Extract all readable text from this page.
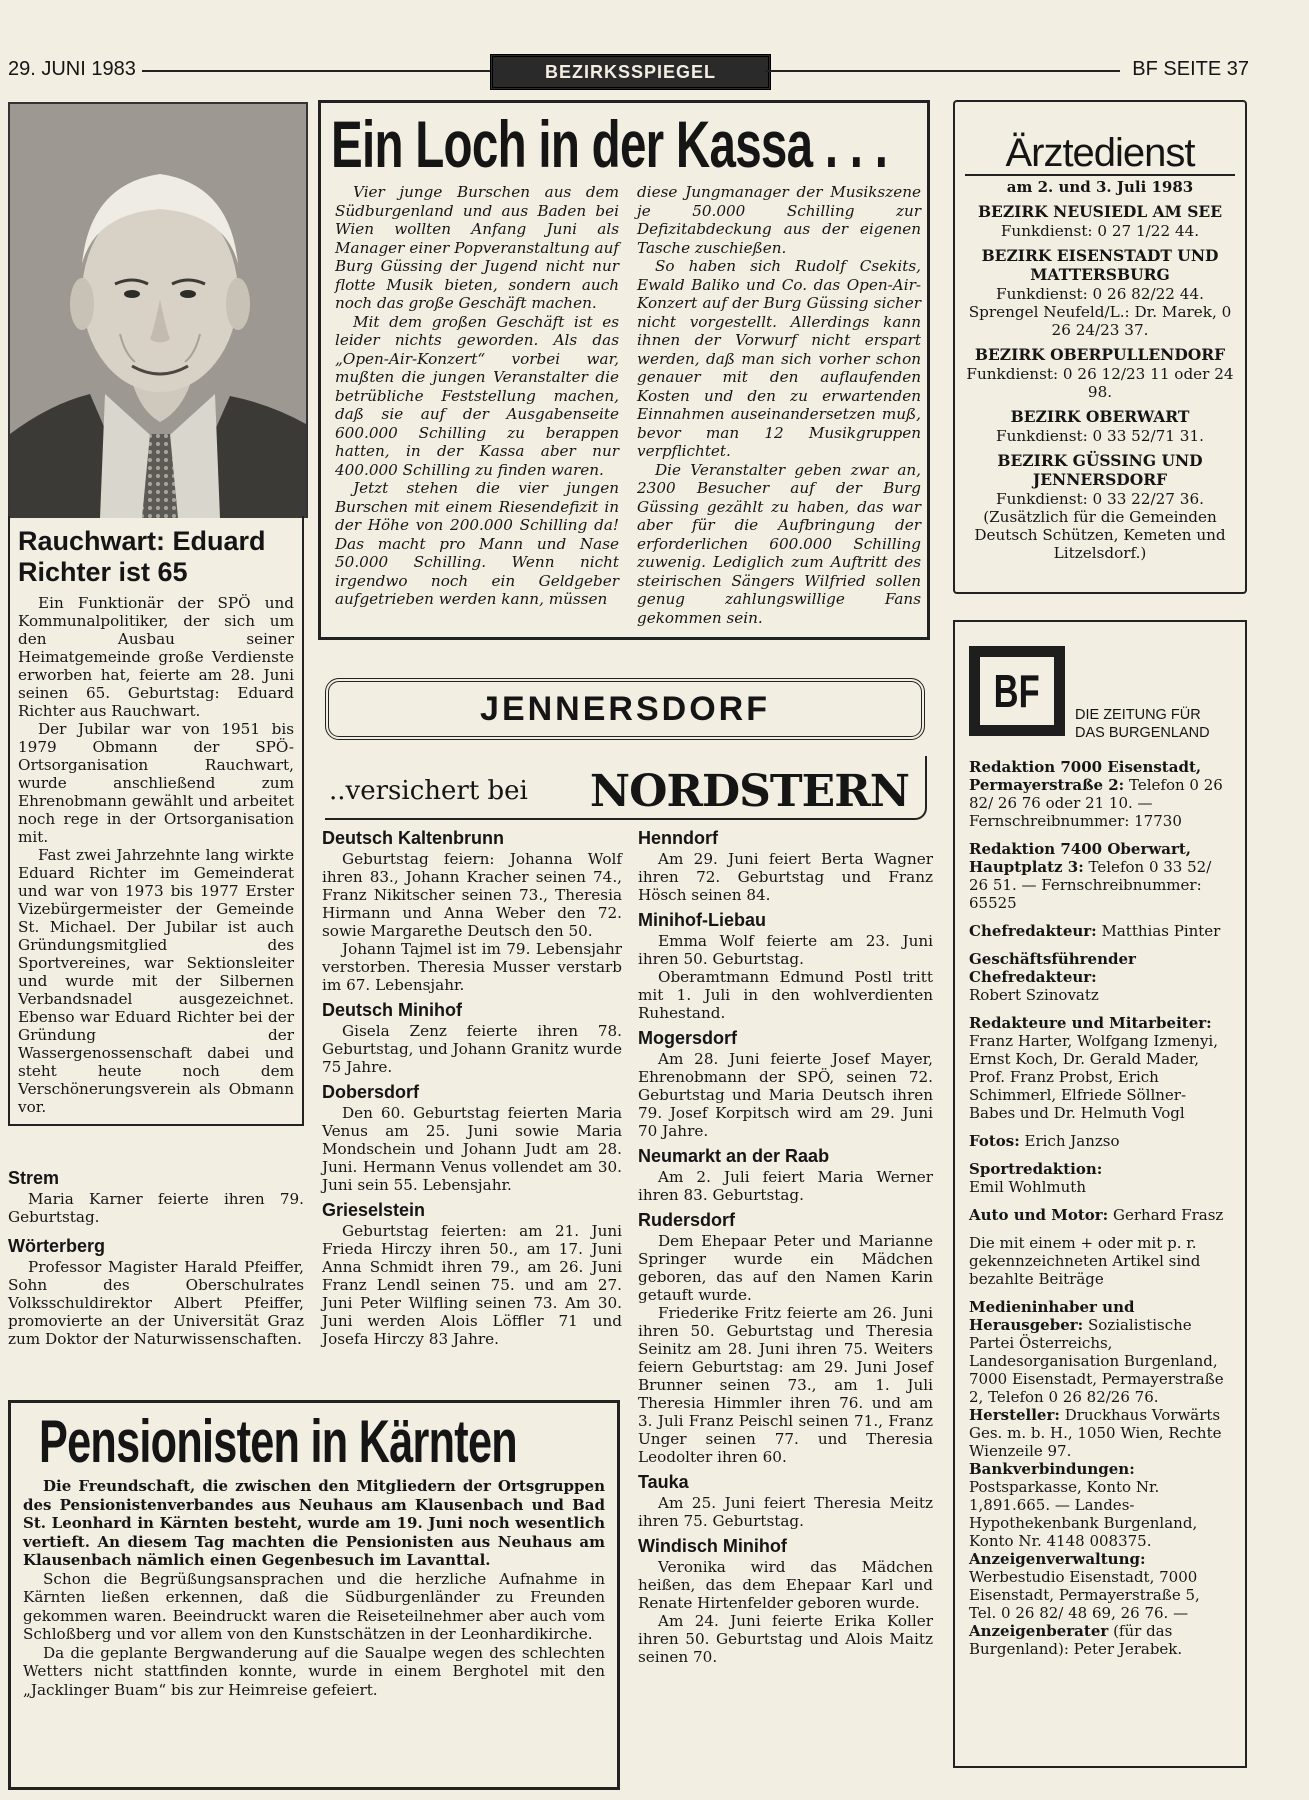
29. JUNI 1983	BEZIRKSSPIEGEL	BF SEITE 37
Rauchwart: Eduard
Richter ist 65
Ein Funktionär der SPÖ und Kommunalpolitiker, der sich um den Ausbau seiner Heimatgemeinde große Verdienste erworben hat, feierte am 28. Juni seinen 65. Geburtstag: Eduard Richter aus Rauchwart.
Der Jubilar war von 1951 bis 1979 Obmann der SPÖ-Ortsorganisation Rauchwart, wurde anschließend zum Ehrenobmann gewählt und arbeitet noch rege in der Ortsorganisation mit.
Fast zwei Jahrzehnte lang wirkte Eduard Richter im Gemeinderat und war von 1973 bis 1977 Erster Vizebürgermeister der Gemeinde St. Michael. Der Jubilar ist auch Gründungsmitglied des Sportvereines, war Sektionsleiter und wurde mit der Silbernen Verbandsnadel ausgezeichnet. Ebenso war Eduard Richter bei der Gründung der Wassergenossenschaft dabei und steht heute noch dem Verschönerungsverein als Obmann vor.
Strem
Maria Karner feierte ihren 79. Geburtstag.
Wörterberg
Professor Magister Harald Pfeiffer, Sohn des Oberschulrates Volksschuldirektor Albert Pfeiffer, promovierte an der Universität Graz zum Doktor der Naturwissenschaften.
Ein Loch in der Kassa . . .
Vier junge Burschen aus dem Südburgenland und aus Baden bei Wien wollten Anfang Juni als Manager einer Popveranstaltung auf Burg Güssing der Jugend nicht nur flotte Musik bieten, sondern auch noch das große Geschäft machen.
Mit dem großen Geschäft ist es leider nichts geworden. Als das „Open-Air-Konzert“ vorbei war, mußten die jungen Veranstalter die betrübliche Feststellung machen, daß sie auf der Ausgabenseite 600.000 Schilling zu berappen hatten, in der Kassa aber nur 400.000 Schilling zu finden waren.
Jetzt stehen die vier jungen Burschen mit einem Riesendefizit in der Höhe von 200.000 Schilling da! Das macht pro Mann und Nase 50.000 Schilling. Wenn nicht irgendwo noch ein Geldgeber aufgetrieben werden kann, müssen
diese Jungmanager der Musikszene je 50.000 Schilling zur Defizitabdeckung aus der eigenen Tasche zuschießen.
So haben sich Rudolf Csekits, Ewald Baliko und Co. das Open-Air-Konzert auf der Burg Güssing sicher nicht vorgestellt. Allerdings kann ihnen der Vorwurf nicht erspart werden, daß man sich vorher schon genauer mit den auflaufenden Kosten und den zu erwartenden Einnahmen auseinandersetzen muß, bevor man 12 Musikgruppen verpflichtet.
Die Veranstalter geben zwar an, 2300 Besucher auf der Burg Güssing gezählt zu haben, das war aber für die Aufbringung der erforderlichen 600.000 Schilling zuwenig. Lediglich zum Auftritt des steirischen Sängers Wilfried sollen genug zahlungswillige Fans gekommen sein.
Ärztedienst
am 2. und 3. Juli 1983
BEZIRK NEUSIEDL AM SEE
Funkdienst: 0 27 1/22 44.
BEZIRK EISENSTADT UND MATTERSBURG
Funkdienst: 0 26 82/22 44. Sprengel Neufeld/L.: Dr. Marek, 0 26 24/23 37.
BEZIRK OBERPULLENDORF
Funkdienst: 0 26 12/23 11 oder 24 98.
BEZIRK OBERWART
Funkdienst: 0 33 52/71 31.
BEZIRK GÜSSING UND JENNERSDORF
Funkdienst: 0 33 22/27 36. (Zusätzlich für die Gemeinden Deutsch Schützen, Kemeten und Litzelsdorf.)
JENNERSDORF
..versichert bei NORDSTERN
Deutsch Kaltenbrunn
Geburtstag feiern: Johanna Wolf ihren 83., Johann Kracher seinen 74., Franz Nikitscher seinen 73., Theresia Hirmann und Anna Weber den 72. sowie Margarethe Deutsch den 50.
Johann Tajmel ist im 79. Lebensjahr verstorben. Theresia Musser verstarb im 67. Lebensjahr.
Deutsch Minihof
Gisela Zenz feierte ihren 78. Geburtstag, und Johann Granitz wurde 75 Jahre.
Dobersdorf
Den 60. Geburtstag feierten Maria Venus am 25. Juni sowie Maria Mondschein und Johann Judt am 28. Juni. Hermann Venus vollendet am 30. Juni sein 55. Lebensjahr.
Grieselstein
Geburtstag feierten: am 21. Juni Frieda Hirczy ihren 50., am 17. Juni Anna Schmidt ihren 79., am 26. Juni Franz Lendl seinen 75. und am 27. Juni Peter Wilfling seinen 73. Am 30. Juni werden Alois Löffler 71 und Josefa Hirczy 83 Jahre.
Henndorf
Am 29. Juni feiert Berta Wagner ihren 72. Geburtstag und Franz Hösch seinen 84.
Minihof-Liebau
Emma Wolf feierte am 23. Juni ihren 50. Geburtstag.
Oberamtmann Edmund Postl tritt mit 1. Juli in den wohlverdienten Ruhestand.
Mogersdorf
Am 28. Juni feierte Josef Mayer, Ehrenobmann der SPÖ, seinen 72. Geburtstag und Maria Deutsch ihren 79. Josef Korpitsch wird am 29. Juni 70 Jahre.
Neumarkt an der Raab
Am 2. Juli feiert Maria Werner ihren 83. Geburtstag.
Rudersdorf
Dem Ehepaar Peter und Marianne Springer wurde ein Mädchen geboren, das auf den Namen Karin getauft wurde.
Friederike Fritz feierte am 26. Juni ihren 50. Geburtstag und Theresia Seinitz am 28. Juni ihren 75. Weiters feiern Geburtstag: am 29. Juni Josef Brunner seinen 73., am 1. Juli Theresia Himmler ihren 76. und am 3. Juli Franz Peischl seinen 71., Franz Unger seinen 77. und Theresia Leodolter ihren 60.
Tauka
Am 25. Juni feiert Theresia Meitz ihren 75. Geburtstag.
Windisch Minihof
Veronika wird das Mädchen heißen, das dem Ehepaar Karl und Renate Hirtenfelder geboren wurde.
Am 24. Juni feierte Erika Koller ihren 50. Geburtstag und Alois Maitz seinen 70.
Pensionisten in Kärnten
Die Freundschaft, die zwischen den Mitgliedern der Ortsgruppen des Pensionistenverbandes aus Neuhaus am Klausenbach und Bad St. Leonhard in Kärnten besteht, wurde am 19. Juni noch wesentlich vertieft. An diesem Tag machten die Pensionisten aus Neuhaus am Klausenbach nämlich einen Gegenbesuch im Lavanttal.
Schon die Begrüßungsansprachen und die herzliche Aufnahme in Kärnten ließen erkennen, daß die Südburgenländer zu Freunden gekommen waren. Beeindruckt waren die Reiseteilnehmer aber auch vom Schloßberg und vor allem von den Kunstschätzen in der Leonhardikirche.
Da die geplante Bergwanderung auf die Saualpe wegen des schlechten Wetters nicht stattfinden konnte, wurde in einem Berghotel mit den „Jacklinger Buam“ bis zur Heimreise gefeiert.
BF	DIE ZEITUNG FÜR
DAS BURGENLAND

Redaktion 7000 Eisenstadt, Permayerstraße 2: Telefon 0 26 82/ 26 76 oder 21 10. — Fernschreibnummer: 17730

Redaktion 7400 Oberwart, Hauptplatz 3: Telefon 0 33 52/ 26 51. — Fernschreibnummer: 65525

Chefredakteur: Matthias Pinter

Geschäftsführender Chefredakteur:
Robert Szinovatz

Redakteure und Mitarbeiter: Franz Harter, Wolfgang Izmenyi, Ernst Koch, Dr. Gerald Mader, Prof. Franz Probst, Erich Schimmerl, Elfriede Söllner-Babes und Dr. Helmuth Vogl

Fotos: Erich Janzso

Sportredaktion:
Emil Wohlmuth

Auto und Motor: Gerhard Frasz

Die mit einem + oder mit p. r. gekennzeichneten Artikel sind bezahlte Beiträge

Medieninhaber und Herausgeber: Sozialistische Partei Österreichs, Landesorganisation Burgenland, 7000 Eisenstadt, Permayerstraße 2, Telefon 0 26 82/26 76.

Hersteller: Druckhaus Vorwärts Ges. m. b. H., 1050 Wien, Rechte Wienzeile 97.

Bankverbindungen: Postsparkasse, Konto Nr. 1,891.665. — Landes-Hypothekenbank Burgenland, Konto Nr. 4148 008375.

Anzeigenverwaltung: Werbestudio Eisenstadt, 7000 Eisenstadt, Permayerstraße 5, Tel. 0 26 82/ 48 69, 26 76. — Anzeigenberater (für das Burgenland): Peter Jerabek.
